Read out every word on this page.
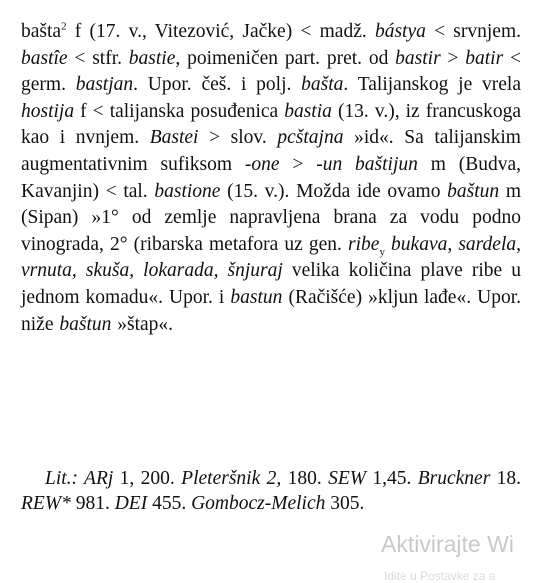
bašta$^2$ f (17. v., Vitezović, Jačke) < madž. bástya < srvnjem. bastîe < stfr. bastie, poimeničen part. pret. od bastir > batir < germ. bastjan. Upor. češ. i polj. bašta. Talijanskog je vrela hostija f < talijanska posuđenica bastia (13. v.), iz francuskoga kao i nvnjem. Bastei > slov. pcštajna »id«. Sa talijanskim augmentativnim sufiksom -one > -un baštijun m (Budva, Kavanjin) < tal. bastione (15. v.). Možda ide ovamo baštun m (Sipan) »1° od zemlje napravljena brana za vodu podno vinograda, 2° (ribarska metafora uz gen. ribe$_y$ bukava, sardela, vrnuta, skuša, lokarada, šnjuraj velika količina plave ribe u jednom komadu«. Upor. i bastun (Račišće) »kljun lađe«. Upor. niže baštun »štap«.
Lit.: ARj 1, 200. Pleteršnik 2, 180. SEW 1,45. Bruckner 18. REW* 981. DEI 455. Gombocz-Melich 305.
Aktivirajte Wi
Idite u Postavke za a
